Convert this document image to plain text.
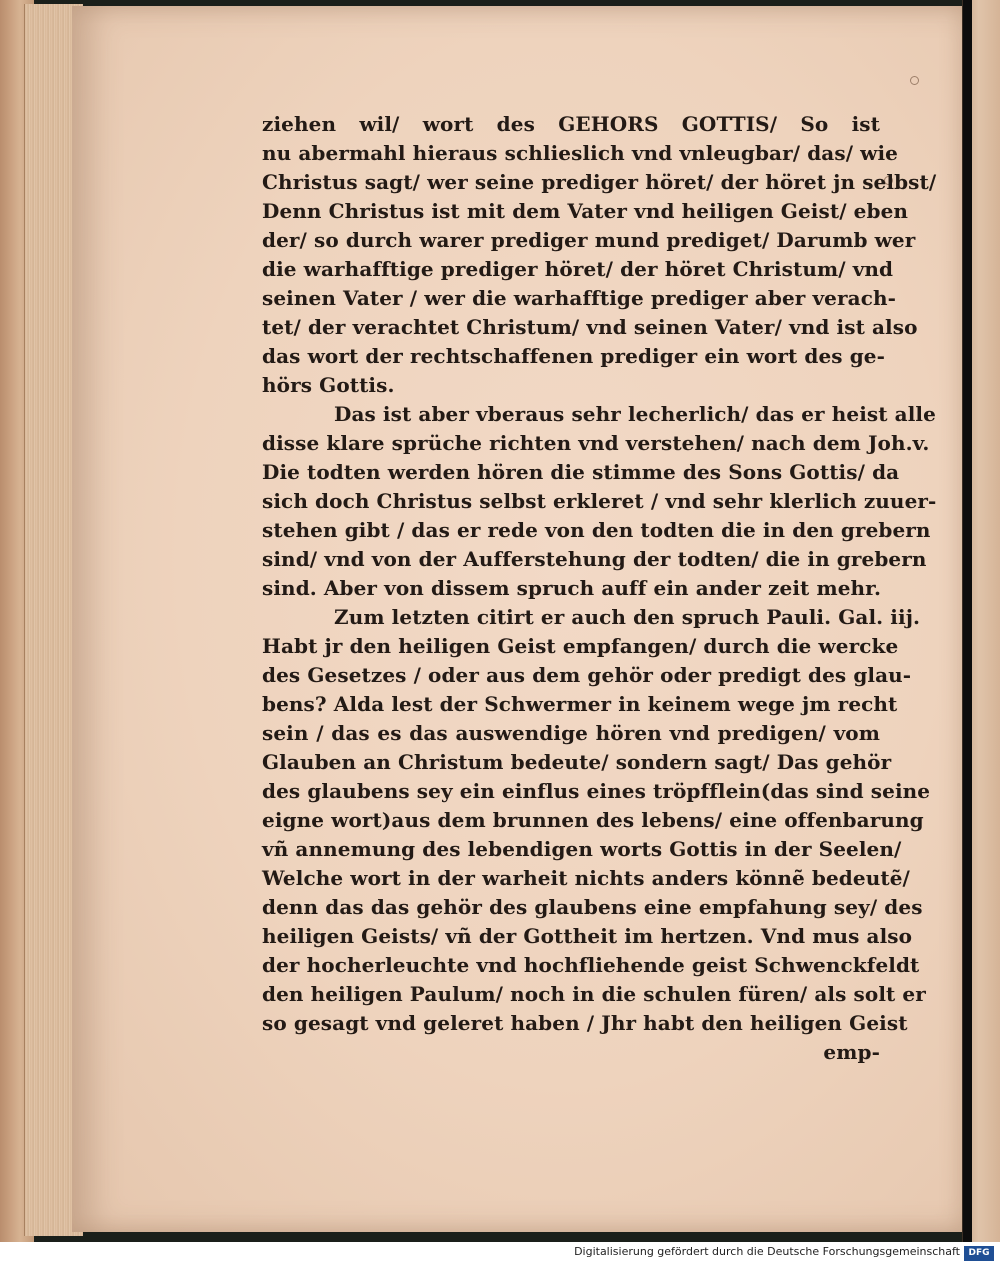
ziehen wil/ wort des GEHORS GOTTIS/ So ist
nu abermahl hieraus schlieslich vnd vnleugbar/ das/ wie
Christus sagt/ wer seine prediger höret/ der höret jn selbst/
Denn Christus ist mit dem Vater vnd heiligen Geist/ eben
der/ so durch warer prediger mund prediget/ Darumb wer
die warhafftige prediger höret/ der höret Christum/ vnd
seinen Vater / wer die warhafftige prediger aber verach-
tet/ der verachtet Christum/ vnd seinen Vater/ vnd ist also
das wort der rechtschaffenen prediger ein wort des ge-
hörs Gottis.
Das ist aber vberaus sehr lecherlich/ das er heist alle
disse klare sprüche richten vnd verstehen/ nach dem Joh.v.
Die todten werden hören die stimme des Sons Gottis/ da
sich doch Christus selbst erkleret / vnd sehr klerlich zuuer-
stehen gibt / das er rede von den todten die in den grebern
sind/ vnd von der Aufferstehung der todten/ die in grebern
sind. Aber von dissem spruch auff ein ander zeit mehr.
Zum letzten citirt er auch den spruch Pauli. Gal. iij.
Habt jr den heiligen Geist empfangen/ durch die wercke
des Gesetzes / oder aus dem gehör oder predigt des glau-
bens? Alda lest der Schwermer in keinem wege jm recht
sein / das es das auswendige hören vnd predigen/ vom
Glauben an Christum bedeute/ sondern sagt/ Das gehör
des glaubens sey ein einflus eines tröpfflein(das sind seine
eigne wort)aus dem brunnen des lebens/ eine offenbarung
vñ annemung des lebendigen worts Gottis in der Seelen/
Welche wort in der warheit nichts anders könnẽ bedeutẽ/
denn das das gehör des glaubens eine empfahung sey/ des
heiligen Geists/ vñ der Gottheit im hertzen. Vnd mus also
der hocherleuchte vnd hochfliehende geist Schwenckfeldt
den heiligen Paulum/ noch in die schulen füren/ als solt er
so gesagt vnd geleret haben / Jhr habt den heiligen Geist
emp-
Digitalisierung gefördert durch die Deutsche Forschungsgemeinschaft DFG
